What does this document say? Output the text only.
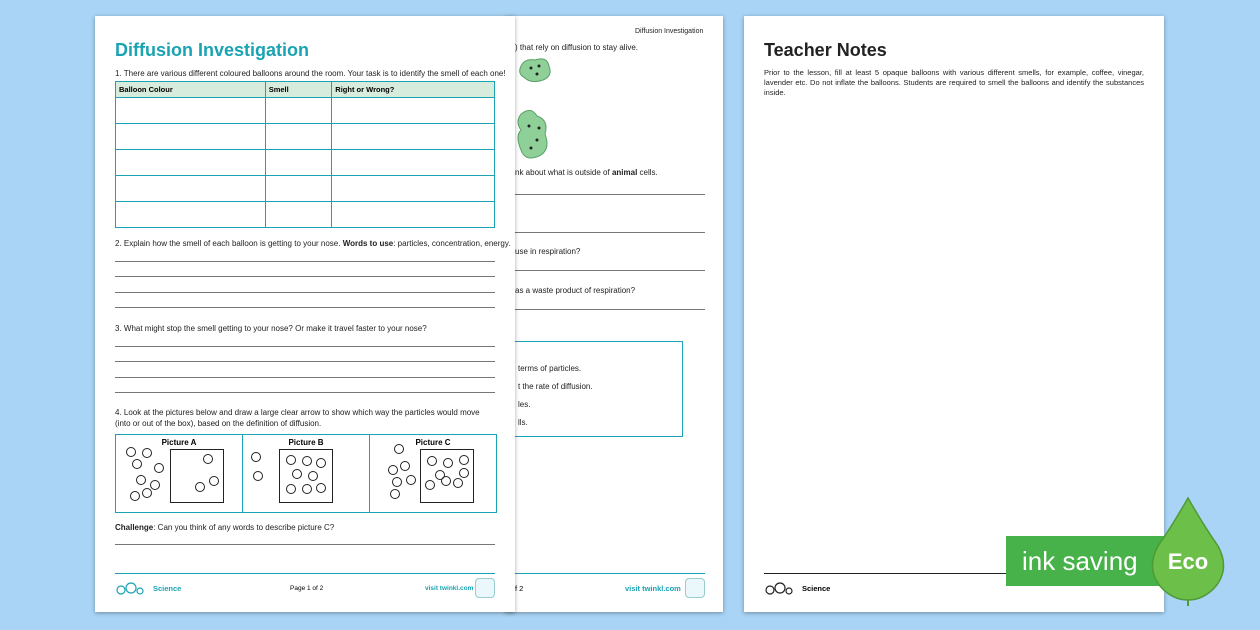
Diffusion Investigation
) that rely on diffusion to stay alive.
nk about what is outside of animal cells.
use in respiration?
as a waste product of respiration?
terms of particles.
t the rate of diffusion.
les.
lls.
f 2	visit twinkl.com
Diffusion Investigation
1. There are various different coloured balloons around the room. Your task is to identify the smell of each one!
Balloon Colour	Smell	Right or Wrong?

2. Explain how the smell of each balloon is getting to your nose. Words to use: particles, concentration, energy.
3. What might stop the smell getting to your nose? Or make it travel faster to your nose?
4. Look at the pictures below and draw a large clear arrow to show which way the particles would move (into or out of the box), based on the definition of diffusion.
Picture A	Picture B	Picture C
Challenge: Can you think of any words to describe picture C?
Science	Page 1 of 2	visit twinkl.com
Teacher Notes
Prior to the lesson, fill at least 5 opaque balloons with various different smells, for example, coffee, vinegar, lavender etc. Do not inflate the balloons. Students are required to smell the balloons and identify the substances inside.
Science
ink saving Eco
